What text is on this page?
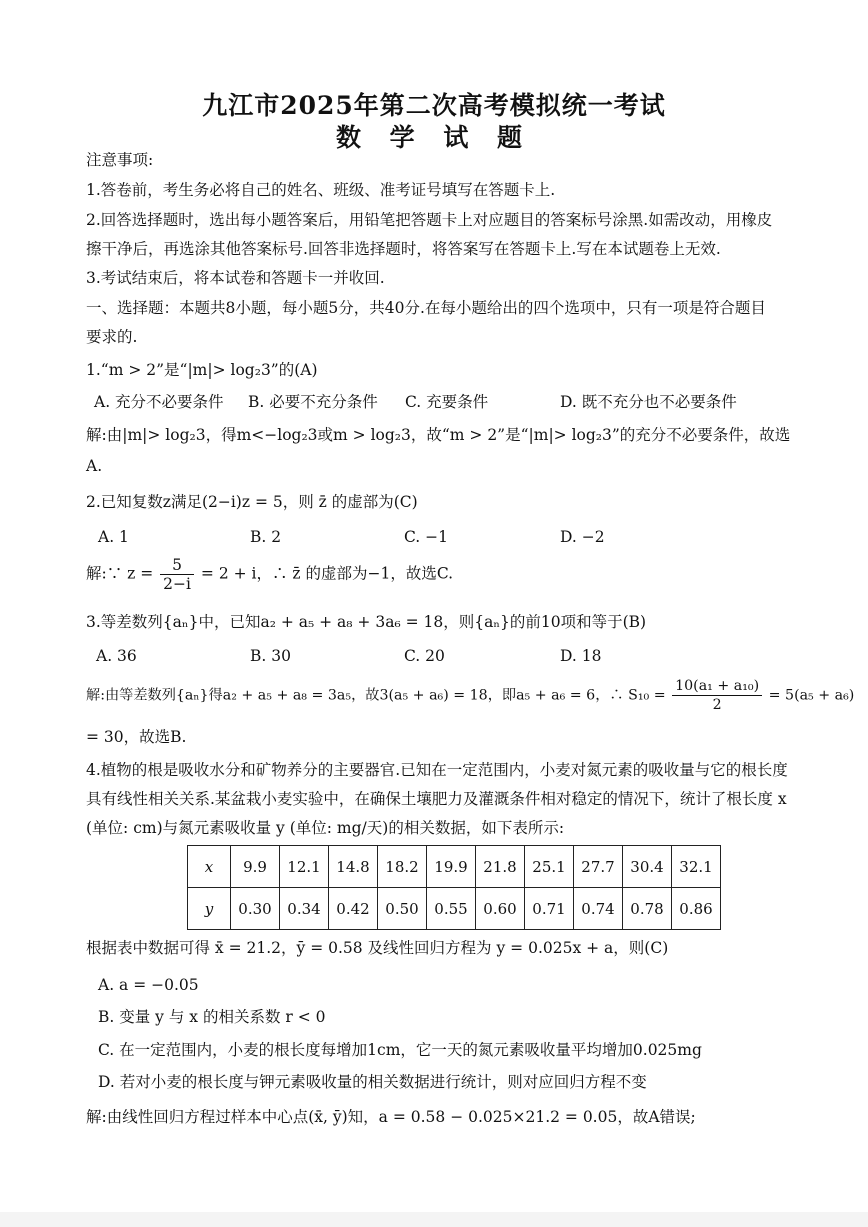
九江市2025年第二次高考模拟统一考试
数 学 试 题
注意事项:
1.答卷前，考生务必将自己的姓名、班级、准考证号填写在答题卡上.
2.回答选择题时，选出每小题答案后，用铅笔把答题卡上对应题目的答案标号涂黑.如需改动，用橡皮
擦干净后，再选涂其他答案标号.回答非选择题时，将答案写在答题卡上.写在本试题卷上无效.
3.考试结束后，将本试卷和答题卡一并收回.
一、选择题：本题共8小题，每小题5分，共40分.在每小题给出的四个选项中，只有一项是符合题目
要求的.
1.“m > 2”是“|m|> log₂3”的(A)
A. 充分不必要条件 B. 必要不充分条件 C. 充要条件	D. 既不充分也不必要条件
解:由|m|> log₂3，得m<−log₂3或m > log₂3，故“m > 2”是“|m|> log₂3”的充分不必要条件，故选
A.
2.已知复数z满足(2−i)z = 5，则 z̄ 的虚部为(C)
A. 1	B. 2	C. −1	D. −2
解:∵ $z = \frac{5}{2-i} = 2 + i$，∴ z̄ 的虚部为−1，故选C.
3.等差数列{aₙ}中，已知a₂ + a₅ + a₈ + 3a₆ = 18，则{aₙ}的前10项和等于(B)
A. 36	B. 30	C. 20	D. 18
解:由等差数列{aₙ}得a₂ + a₅ + a₈ = 3a₅，故3(a₅ + a₆) = 18，即a₅ + a₆ = 6，∴ $S_{10} = \frac{\text{10(a₁ + a₁₀)}}{2} = 5(a_5 + a_6)$
= 30，故选B.
4.植物的根是吸收水分和矿物养分的主要器官.已知在一定范围内，小麦对氮元素的吸收量与它的根长度
具有线性相关关系.某盆栽小麦实验中，在确保土壤肥力及灌溉条件相对稳定的情况下，统计了根长度 x
(单位: cm)与氮元素吸收量 y (单位: mg/天)的相关数据，如下表所示:
x	9.9	12.1	14.8	18.2	19.9	21.8	25.1	27.7	30.4	32.1
y	0.30	0.34	0.42	0.50	0.55	0.60	0.71	0.74	0.78	0.86
根据表中数据可得 x̄ = 21.2，ȳ = 0.58 及线性回归方程为 y = 0.025x + a，则(C)
A. a = −0.05
B. 变量 y 与 x 的相关系数 r < 0
C. 在一定范围内，小麦的根长度每增加1cm，它一天的氮元素吸收量平均增加0.025mg
D. 若对小麦的根长度与钾元素吸收量的相关数据进行统计，则对应回归方程不变
解:由线性回归方程过样本中心点(x̄, ȳ)知，a = 0.58 − 0.025×21.2 = 0.05，故A错误;
